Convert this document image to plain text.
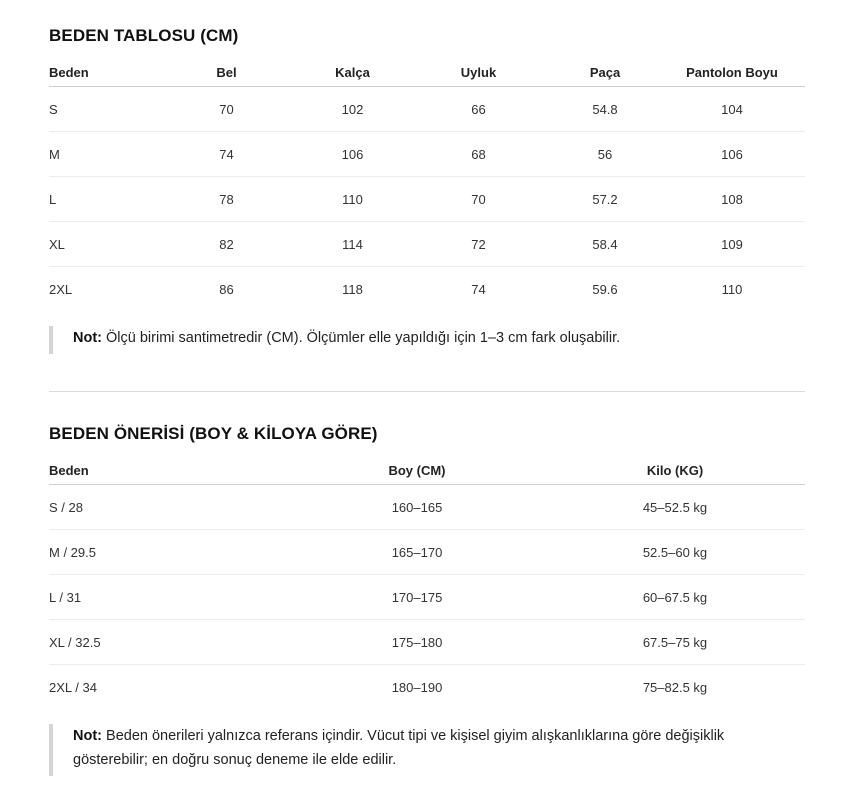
BEDEN TABLOSU (CM)
Beden	Bel	Kalça	Uyluk	Paça	Pantolon Boyu
S	70	102	66	54.8	104
M	74	106	68	56	106
L	78	110	70	57.2	108
XL	82	114	72	58.4	109
2XL	86	118	74	59.6	110
Not: Ölçü birimi santimetredir (CM). Ölçümler elle yapıldığı için 1–3 cm fark oluşabilir.
BEDEN ÖNERİSİ (BOY & KİLOYA GÖRE)
Beden	Boy (CM)	Kilo (KG)
S / 28	160–165	45–52.5 kg
M / 29.5	165–170	52.5–60 kg
L / 31	170–175	60–67.5 kg
XL / 32.5	175–180	67.5–75 kg
2XL / 34	180–190	75–82.5 kg
Not: Beden önerileri yalnızca referans içindir. Vücut tipi ve kişisel giyim alışkanlıklarına göre değişiklik gösterebilir; en doğru sonuç deneme ile elde edilir.
